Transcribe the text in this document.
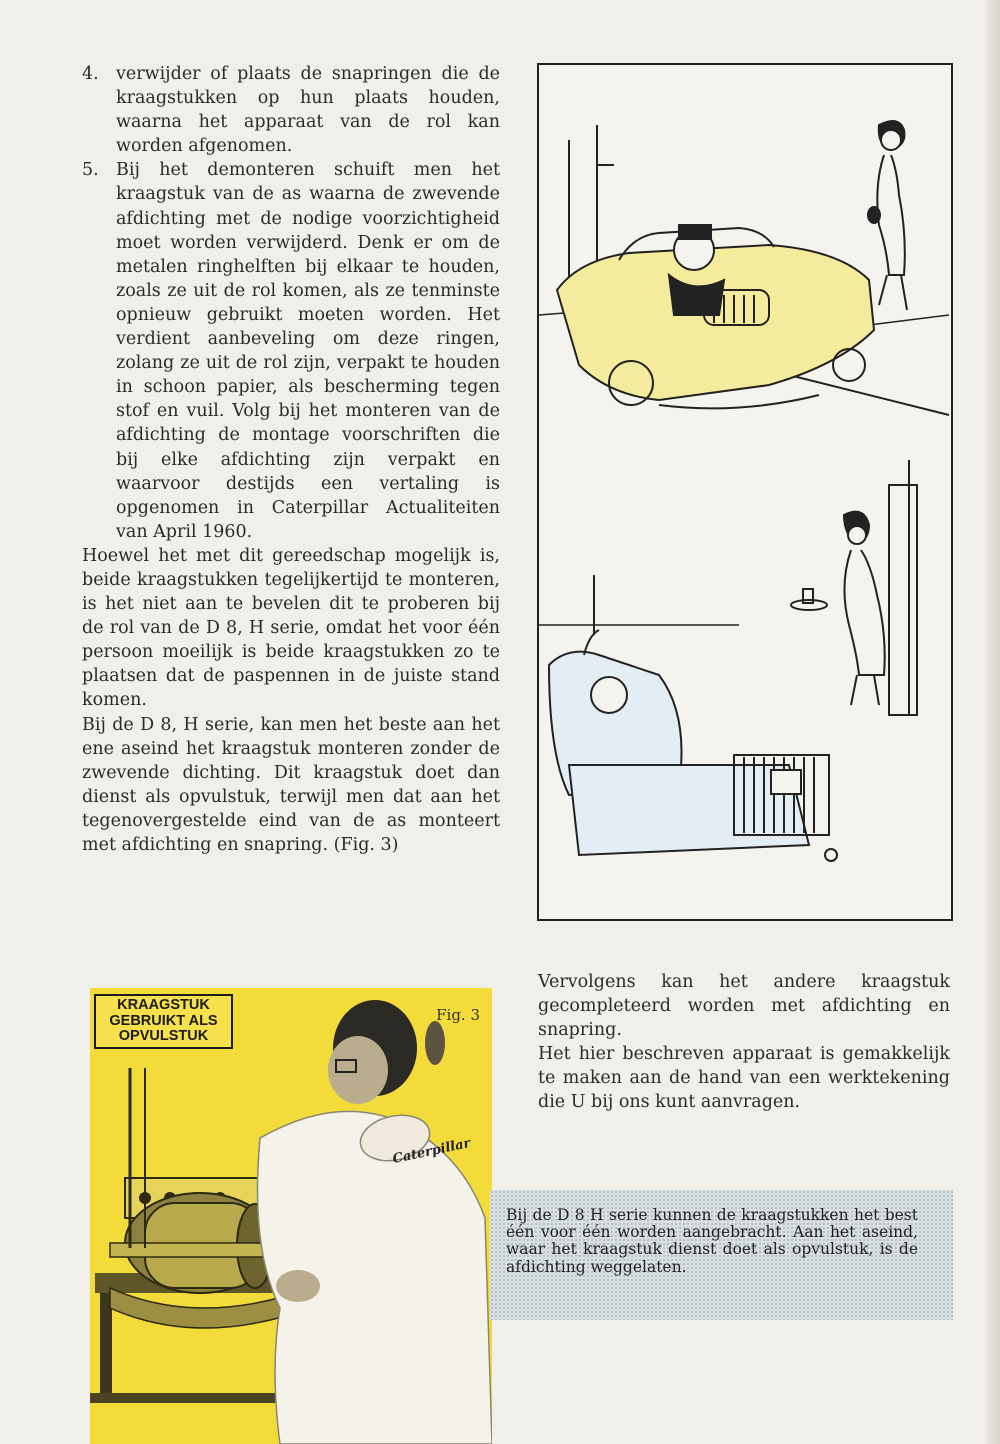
4. verwijder of plaats de snapringen die de kraagstukken op hun plaats houden, waarna het apparaat van de rol kan worden afgenomen.

5. Bij het demonteren schuift men het kraagstuk van de as waarna de zwevende afdichting met de nodige voorzichtigheid moet worden verwijderd. Denk er om de metalen ringhelften bij elkaar te houden, zoals ze uit de rol komen, als ze tenminste opnieuw gebruikt moeten worden. Het verdient aanbeveling om deze ringen, zolang ze uit de rol zijn, verpakt te houden in schoon papier, als bescherming tegen stof en vuil. Volg bij het monteren van de afdichting de montage voorschriften die bij elke afdichting zijn verpakt en waarvoor destijds een vertaling is opgenomen in Caterpillar Actualiteiten van April 1960.

Hoewel het met dit gereedschap mogelijk is, beide kraagstukken tegelijkertijd te monteren, is het niet aan te bevelen dit te proberen bij de rol van de D 8, H serie, omdat het voor één persoon moeilijk is beide kraagstukken zo te plaatsen dat de paspennen in de juiste stand komen.

Bij de D 8, H serie, kan men het beste aan het ene aseind het kraagstuk monteren zonder de zwevende dichting. Dit kraagstuk doet dan dienst als opvulstuk, terwijl men dat aan het tegenovergestelde eind van de as monteert met afdichting en snapring. (Fig. 3)

Vervolgens kan het andere kraagstuk gecompleteerd worden met afdichting en snapring.

Het hier beschreven apparaat is gemakkelijk te maken aan de hand van een werktekening die U bij ons kunt aanvragen.

KRAAGSTUK
GEBRUIKT ALS
OPVULSTUK
Fig. 3
Caterpillar

Bij de D 8 H serie kunnen de kraagstukken het best één voor één worden aangebracht. Aan het aseind, waar het kraagstuk dienst doet als opvulstuk, is de afdichting weggelaten.
